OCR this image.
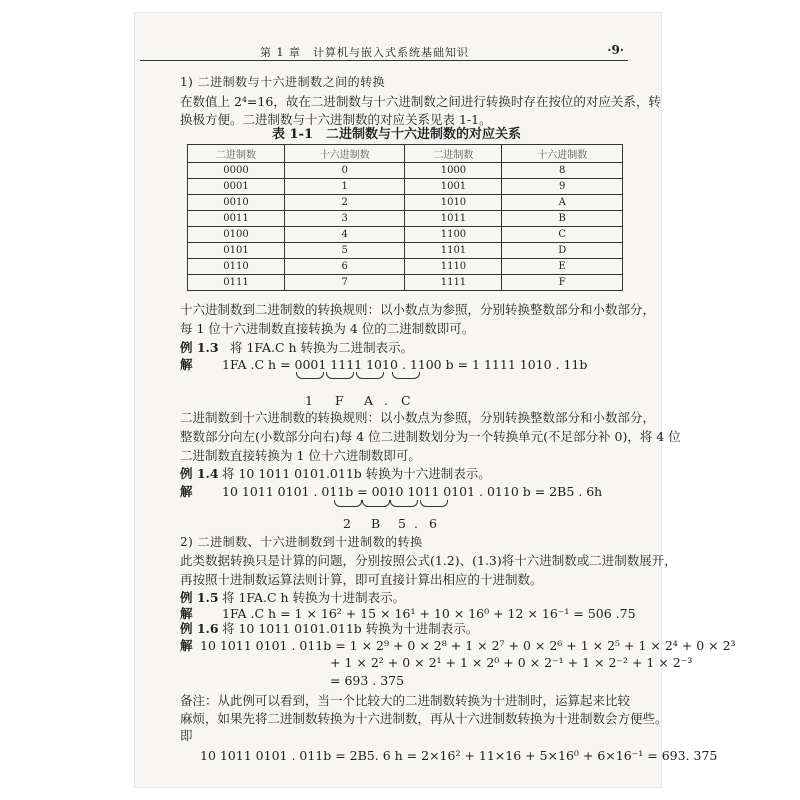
第 1 章　计算机与嵌入式系统基础知识	·9·
1) 二进制数与十六进制数之间的转换
在数值上 2⁴=16，故在二进制数与十六进制数之间进行转换时存在按位的对应关系，转
换极方便。二进制数与十六进制数的对应关系见表 1-1。
表 1-1　二进制数与十六进制数的对应关系
二进制数	十六进制数	二进制数	十六进制数
0000	0	1000	8
0001	1	1001	9
0010	2	1010	A
0011	3	1011	B
0100	4	1100	C
0101	5	1101	D
0110	6	1110	E
0111	7	1111	F
十六进制数到二进制数的转换规则：以小数点为参照，分别转换整数部分和小数部分，
每 1 位十六进制数直接转换为 4 位的二进制数即可。
例 1.3 将 1FA.C h 转换为二进制表示。
解 1FA .C h = 0001 1111 1010 . 1100 b = 1 1111 1010 . 11b
1 F A . C
二进制数到十六进制数的转换规则：以小数点为参照，分别转换整数部分和小数部分，
整数部分向左(小数部分向右)每 4 位二进制数划分为一个转换单元(不足部分补 0)，将 4 位
二进制数直接转换为 1 位十六进制数即可。
例 1.4 将 10 1011 0101.011b 转换为十六进制表示。
解 10 1011 0101 . 011b = 0010 1011 0101 . 0110 b = 2B5 . 6h
2 B 5 . 6
2) 二进制数、十六进制数到十进制数的转换
此类数据转换只是计算的问题，分别按照公式(1.2)、(1.3)将十六进制数或二进制数展开，
再按照十进制数运算法则计算，即可直接计算出相应的十进制数。
例 1.5 将 1FA.C h 转换为十进制表示。
解 1FA .C h = 1 × 16² + 15 × 16¹ + 10 × 16⁰ + 12 × 16⁻¹ = 506 .75
例 1.6 将 10 1011 0101.011b 转换为十进制表示。
解 10 1011 0101 . 011b = 1 × 2⁹ + 0 × 2⁸ + 1 × 2⁷ + 0 × 2⁶ + 1 × 2⁵ + 1 × 2⁴ + 0 × 2³
+ 1 × 2² + 0 × 2¹ + 1 × 2⁰ + 0 × 2⁻¹ + 1 × 2⁻² + 1 × 2⁻³
= 693 . 375
备注：从此例可以看到，当一个比较大的二进制数转换为十进制时，运算起来比较
麻烦，如果先将二进制数转换为十六进制数，再从十六进制数转换为十进制数会方便些。
即
10 1011 0101 . 011b = 2B5. 6 h = 2×16² + 11×16 + 5×16⁰ + 6×16⁻¹ = 693. 375
